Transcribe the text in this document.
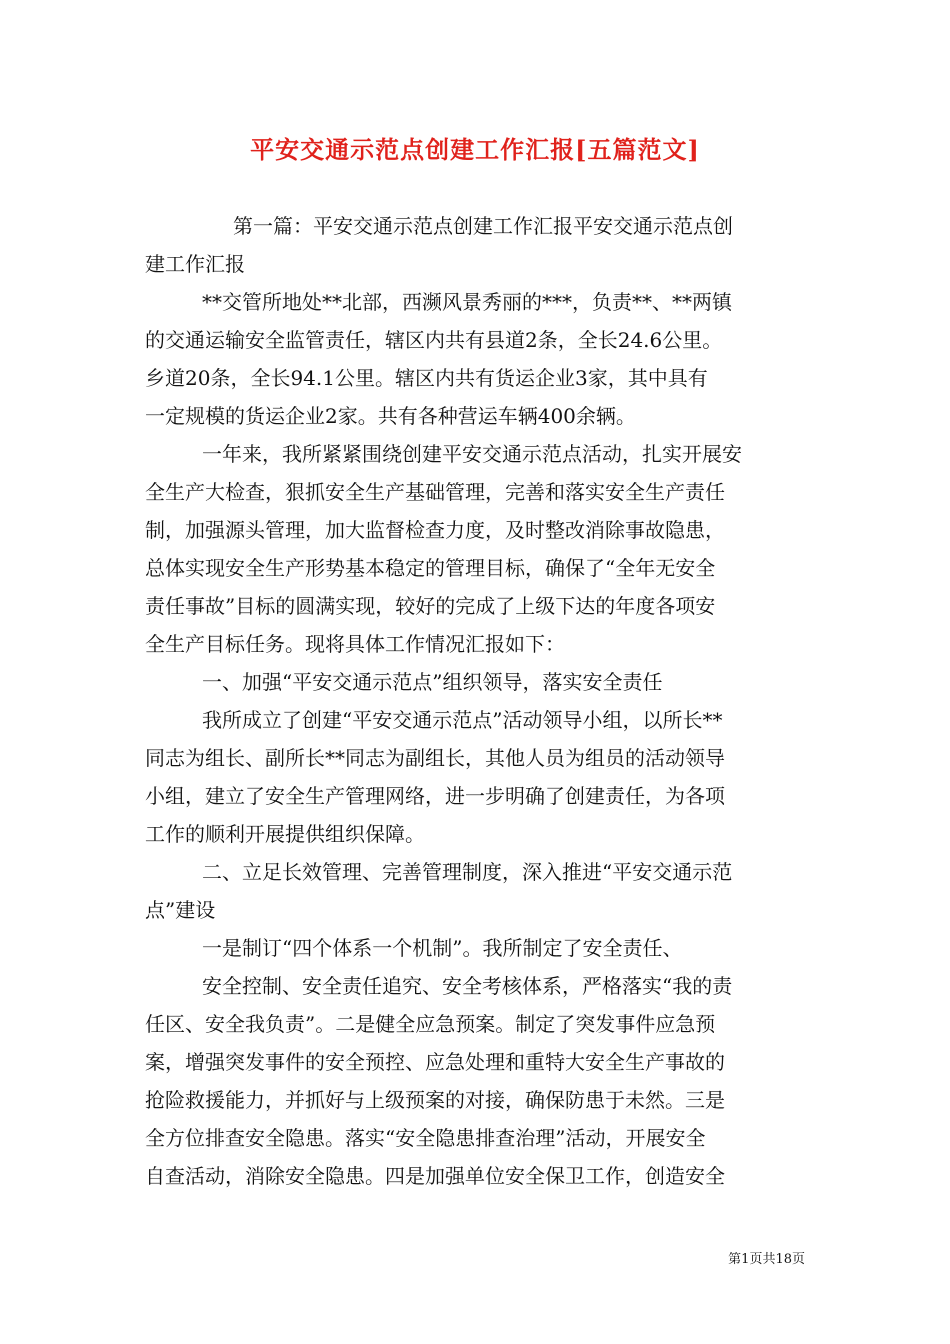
平安交通示范点创建工作汇报[五篇范文]
第一篇：平安交通示范点创建工作汇报平安交通示范点创
建工作汇报
**交管所地处**北部，西濒风景秀丽的***，负责**、**两镇
的交通运输安全监管责任，辖区内共有县道2条，全长24.6公里。
乡道20条，全长94.1公里。辖区内共有货运企业3家，其中具有
一定规模的货运企业2家。共有各种营运车辆400余辆。
一年来，我所紧紧围绕创建平安交通示范点活动，扎实开展安
全生产大检查，狠抓安全生产基础管理，完善和落实安全生产责任
制，加强源头管理，加大监督检查力度，及时整改消除事故隐患，
总体实现安全生产形势基本稳定的管理目标，确保了“全年无安全
责任事故”目标的圆满实现，较好的完成了上级下达的年度各项安
全生产目标任务。现将具体工作情况汇报如下：
一、加强“平安交通示范点”组织领导，落实安全责任
我所成立了创建“平安交通示范点”活动领导小组，以所长**
同志为组长、副所长**同志为副组长，其他人员为组员的活动领导
小组，建立了安全生产管理网络，进一步明确了创建责任，为各项
工作的顺利开展提供组织保障。
二、立足长效管理、完善管理制度，深入推进“平安交通示范
点”建设
一是制订“四个体系一个机制”。我所制定了安全责任、
安全控制、安全责任追究、安全考核体系，严格落实“我的责
任区、安全我负责”。二是健全应急预案。制定了突发事件应急预
案，增强突发事件的安全预控、应急处理和重特大安全生产事故的
抢险救援能力，并抓好与上级预案的对接，确保防患于未然。三是
全方位排查安全隐患。落实“安全隐患排查治理”活动，开展安全
自查活动，消除安全隐患。四是加强单位安全保卫工作，创造安全
第1页共18页
